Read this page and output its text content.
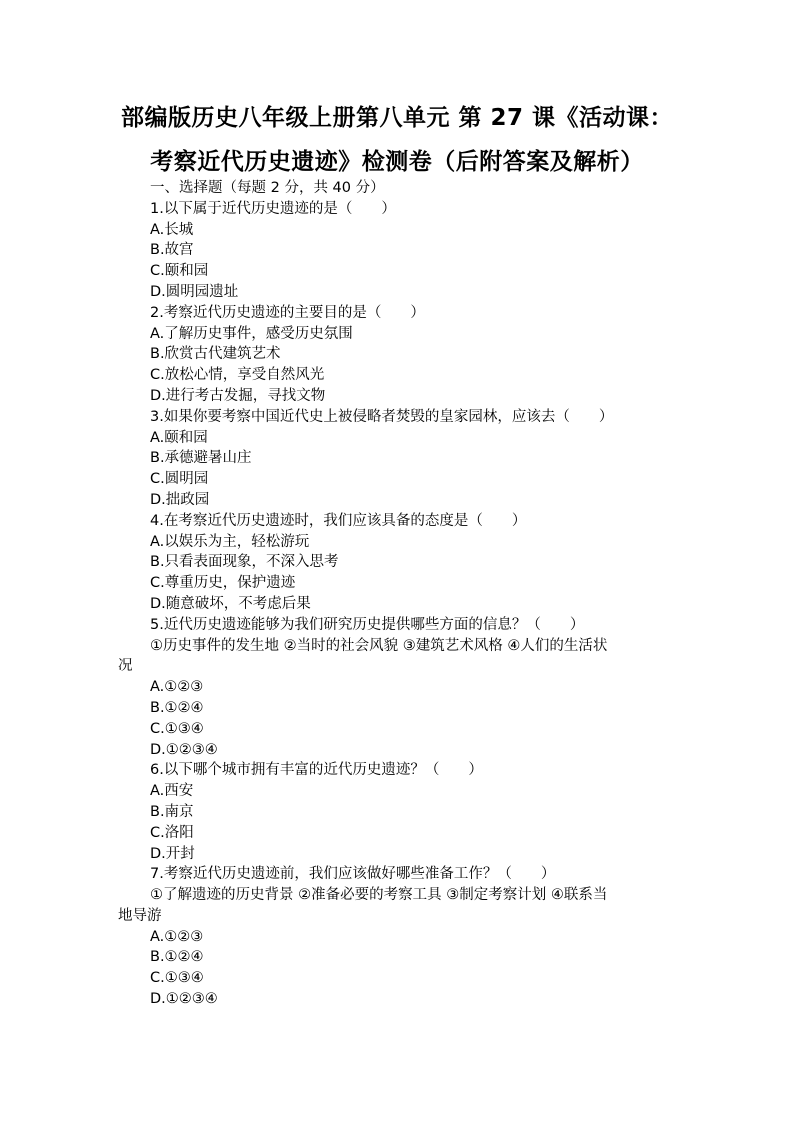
部编版历史八年级上册第八单元 第 27 课《活动课：
考察近代历史遗迹》检测卷（后附答案及解析）
一、选择题（每题 2 分，共 40 分）
1.以下属于近代历史遗迹的是（　　）
A.长城
B.故宫
C.颐和园
D.圆明园遗址
2.考察近代历史遗迹的主要目的是（　　）
A.了解历史事件，感受历史氛围
B.欣赏古代建筑艺术
C.放松心情，享受自然风光
D.进行考古发掘，寻找文物
3.如果你要考察中国近代史上被侵略者焚毁的皇家园林，应该去（　　）
A.颐和园
B.承德避暑山庄
C.圆明园
D.拙政园
4.在考察近代历史遗迹时，我们应该具备的态度是（　　）
A.以娱乐为主，轻松游玩
B.只看表面现象，不深入思考
C.尊重历史，保护遗迹
D.随意破坏，不考虑后果
5.近代历史遗迹能够为我们研究历史提供哪些方面的信息？（　　）
①历史事件的发生地 ②当时的社会风貌 ③建筑艺术风格 ④人们的生活状
况
A.①②③
B.①②④
C.①③④
D.①②③④
6.以下哪个城市拥有丰富的近代历史遗迹？（　　）
A.西安
B.南京
C.洛阳
D.开封
7.考察近代历史遗迹前，我们应该做好哪些准备工作？（　　）
①了解遗迹的历史背景 ②准备必要的考察工具 ③制定考察计划 ④联系当
地导游
A.①②③
B.①②④
C.①③④
D.①②③④
